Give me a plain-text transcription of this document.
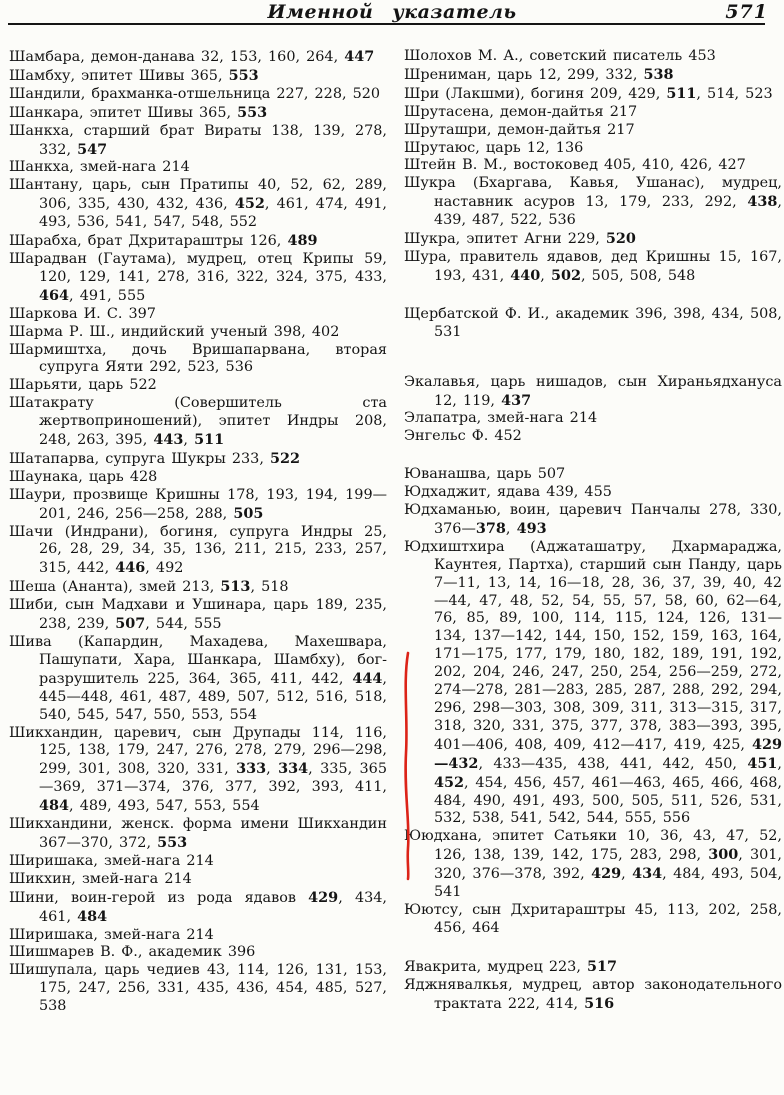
Именной указатель	571

Шамбара, демон-данава 32, 153, 160, 264, 447

Шамбху, эпитет Шивы 365, 553

Шандили, брахманка-отшельница 227, 228, 520

Шанкара, эпитет Шивы 365, 553

Шанкха, старший брат Вираты 138, 139, 278, 332, 547

Шанкха, змей-нага 214

Шантану, царь, сын Пратипы 40, 52, 62, 289, 306, 335, 430, 432, 436, 452, 461, 474, 491, 493, 536, 541, 547, 548, 552

Шарабха, брат Дхритараштры 126, 489

Шарадван (Гаутама), мудрец, отец Крипы 59, 120, 129, 141, 278, 316, 322, 324, 375, 433, 464, 491, 555

Шаркова И. С. 397

Шарма Р. Ш., индийский ученый 398, 402

Шармиштха, дочь Вришапарвана, вторая супруга Яяти 292, 523, 536

Шарьяти, царь 522

Шатакрату (Совершитель ста жертвоприношений), эпитет Индры 208, 248, 263, 395, 443, 511

Шатапарва, супруга Шукры 233, 522

Шаунака, царь 428

Шаури, прозвище Кришны 178, 193, 194, 199—201, 246, 256—258, 288, 505

Шачи (Индрани), богиня, супруга Индры 25, 26, 28, 29, 34, 35, 136, 211, 215, 233, 257, 315, 442, 446, 492

Шеша (Ананта), змей 213, 513, 518

Шиби, сын Мадхави и Ушинара, царь 189, 235, 238, 239, 507, 544, 555

Шива (Капардин, Махадева, Махешвара, Пашупати, Хара, Шанкара, Шамбху), бог-разрушитель 225, 364, 365, 411, 442, 444, 445—448, 461, 487, 489, 507, 512, 516, 518, 540, 545, 547, 550, 553, 554

Шикхандин, царевич, сын Друпады 114, 116, 125, 138, 179, 247, 276, 278, 279, 296—298, 299, 301, 308, 320, 331, 333, 334, 335, 365—369, 371—374, 376, 377, 392, 393, 411, 484, 489, 493, 547, 553, 554

Шикхандини, женск. форма имени Шикхандин 367—370, 372, 553

Ширишака, змей-нага 214

Шикхин, змей-нага 214

Шини, воин-герой из рода ядавов 429, 434, 461, 484

Ширишака, змей-нага 214

Шишмарев В. Ф., академик 396

Шишупала, царь чедиев 43, 114, 126, 131, 153, 175, 247, 256, 331, 435, 436, 454, 485, 527, 538

Шолохов М. А., советский писатель 453

Шрениман, царь 12, 299, 332, 538

Шри (Лакшми), богиня 209, 429, 511, 514, 523

Шрутасена, демон-дайтья 217

Шруташри, демон-дайтья 217

Шрутаюс, царь 12, 136

Штейн В. М., востоковед 405, 410, 426, 427

Шукра (Бхаргава, Кавья, Ушанас), мудрец, наставник асуров 13, 179, 233, 292, 438, 439, 487, 522, 536

Шукра, эпитет Агни 229, 520

Шура, правитель ядавов, дед Кришны 15, 167, 193, 431, 440, 502, 505, 508, 548

Щербатской Ф. И., академик 396, 398, 434, 508, 531

Экалавья, царь нишадов, сын Хираньядхануса 12, 119, 437

Элапатра, змей-нага 214

Энгельс Ф. 452

Юванашва, царь 507

Юдхаджит, ядава 439, 455

Юдхаманью, воин, царевич Панчалы 278, 330, 376—378, 493

Юдхиштхира (Аджаташатру, Дхармараджа, Каунтея, Партха), старший сын Панду, царь 7—11, 13, 14, 16—18, 28, 36, 37, 39, 40, 42—44, 47, 48, 52, 54, 55, 57, 58, 60, 62—64, 76, 85, 89, 100, 114, 115, 124, 126, 131—134, 137—142, 144, 150, 152, 159, 163, 164, 171—175, 177, 179, 180, 182, 189, 191, 192, 202, 204, 246, 247, 250, 254, 256—259, 272, 274—278, 281—283, 285, 287, 288, 292, 294, 296, 298—303, 308, 309, 311, 313—315, 317, 318, 320, 331, 375, 377, 378, 383—393, 395, 401—406, 408, 409, 412—417, 419, 425, 429—432, 433—435, 438, 441, 442, 450, 451, 452, 454, 456, 457, 461—463, 465, 466, 468, 484, 490, 491, 493, 500, 505, 511, 526, 531, 532, 538, 541, 542, 544, 555, 556

Ююдхана, эпитет Сатьяки 10, 36, 43, 47, 52, 126, 138, 139, 142, 175, 283, 298, 300, 301, 320, 376—378, 392, 429, 434, 484, 493, 504, 541

Юютсу, сын Дхритараштры 45, 113, 202, 258, 456, 464

Явакрита, мудрец 223, 517

Яджнявалкья, мудрец, автор законодательного трактата 222, 414, 516
